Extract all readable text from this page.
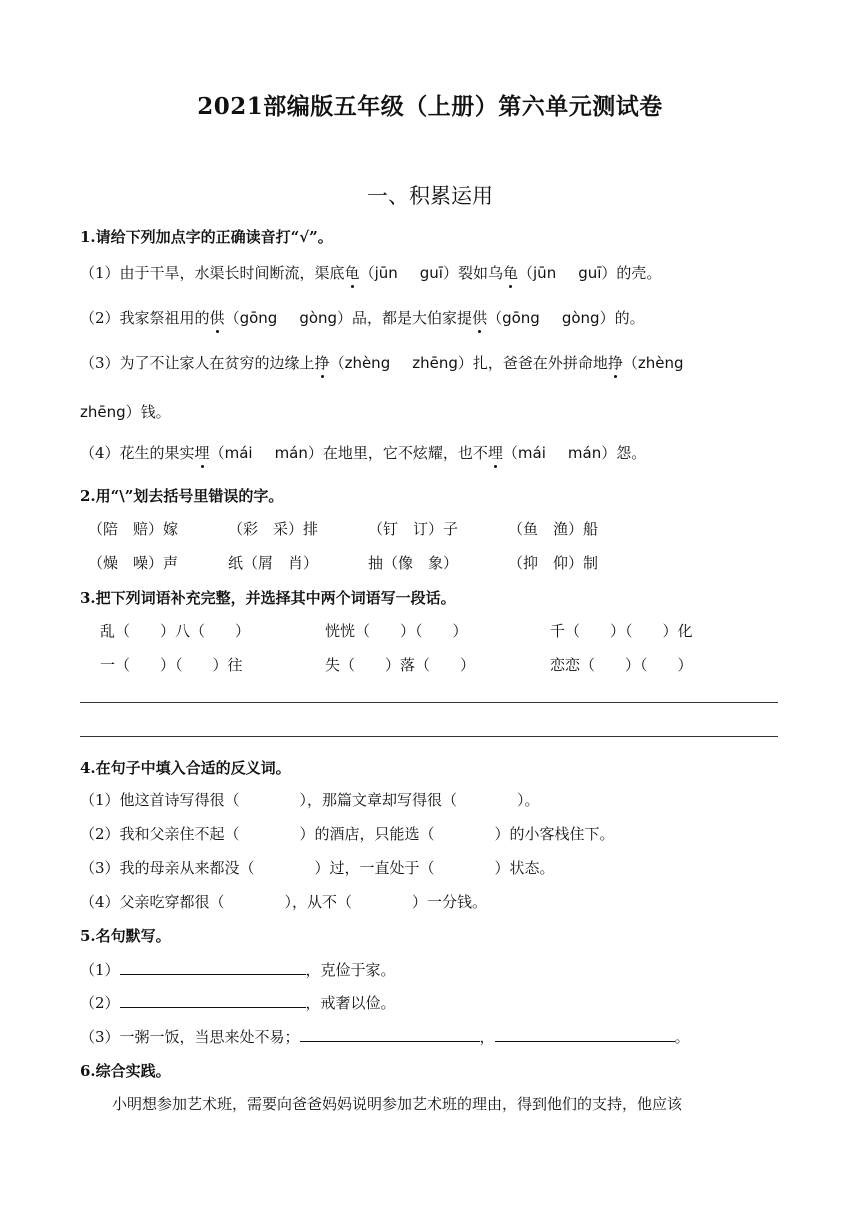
2021部编版五年级（上册）第六单元测试卷
一、积累运用
1.请给下列加点字的正确读音打“√”。
（1）由于干旱，水渠长时间断流，渠底龟（jūn guī）裂如乌龟（jūn guī）的壳。
（2）我家祭祖用的供（gōng gòng）品，都是大伯家提供（gōng gòng）的。
（3）为了不让家人在贫穷的边缘上挣（zhèng zhēng）扎，爸爸在外拼命地挣（zhèng
zhēng）钱。
（4）花生的果实埋（mái mán）在地里，它不炫耀，也不埋（mái mán）怨。
2.用“\”划去括号里错误的字。
（陪　赔）嫁	（彩　采）排	（钉　订）子	（鱼　渔）船
（燥　噪）声	纸（屑　肖）	抽（像　象）	（抑　仰）制
3.把下列词语补充完整，并选择其中两个词语写一段话。
乱（　　）八（　　）	恍恍（　　）（　　）	千（　　）（　　）化
一（　　）（　　）往	失（　　）落（　　）	恋恋（　　）（　　）
4.在句子中填入合适的反义词。
（1）他这首诗写得很（　　　　），那篇文章却写得很（　　　　）。
（2）我和父亲住不起（　　　　）的酒店，只能选（　　　　）的小客栈住下。
（3）我的母亲从来都没（　　　　）过，一直处于（　　　　）状态。
（4）父亲吃穿都很（　　　　），从不（　　　　）一分钱。
5.名句默写。
（1）	，克俭于家。
（2）	，戒奢以俭。
（3）一粥一饭，当思来处不易；	，	。
6.综合实践。
小明想参加艺术班，需要向爸爸妈妈说明参加艺术班的理由，得到他们的支持，他应该
